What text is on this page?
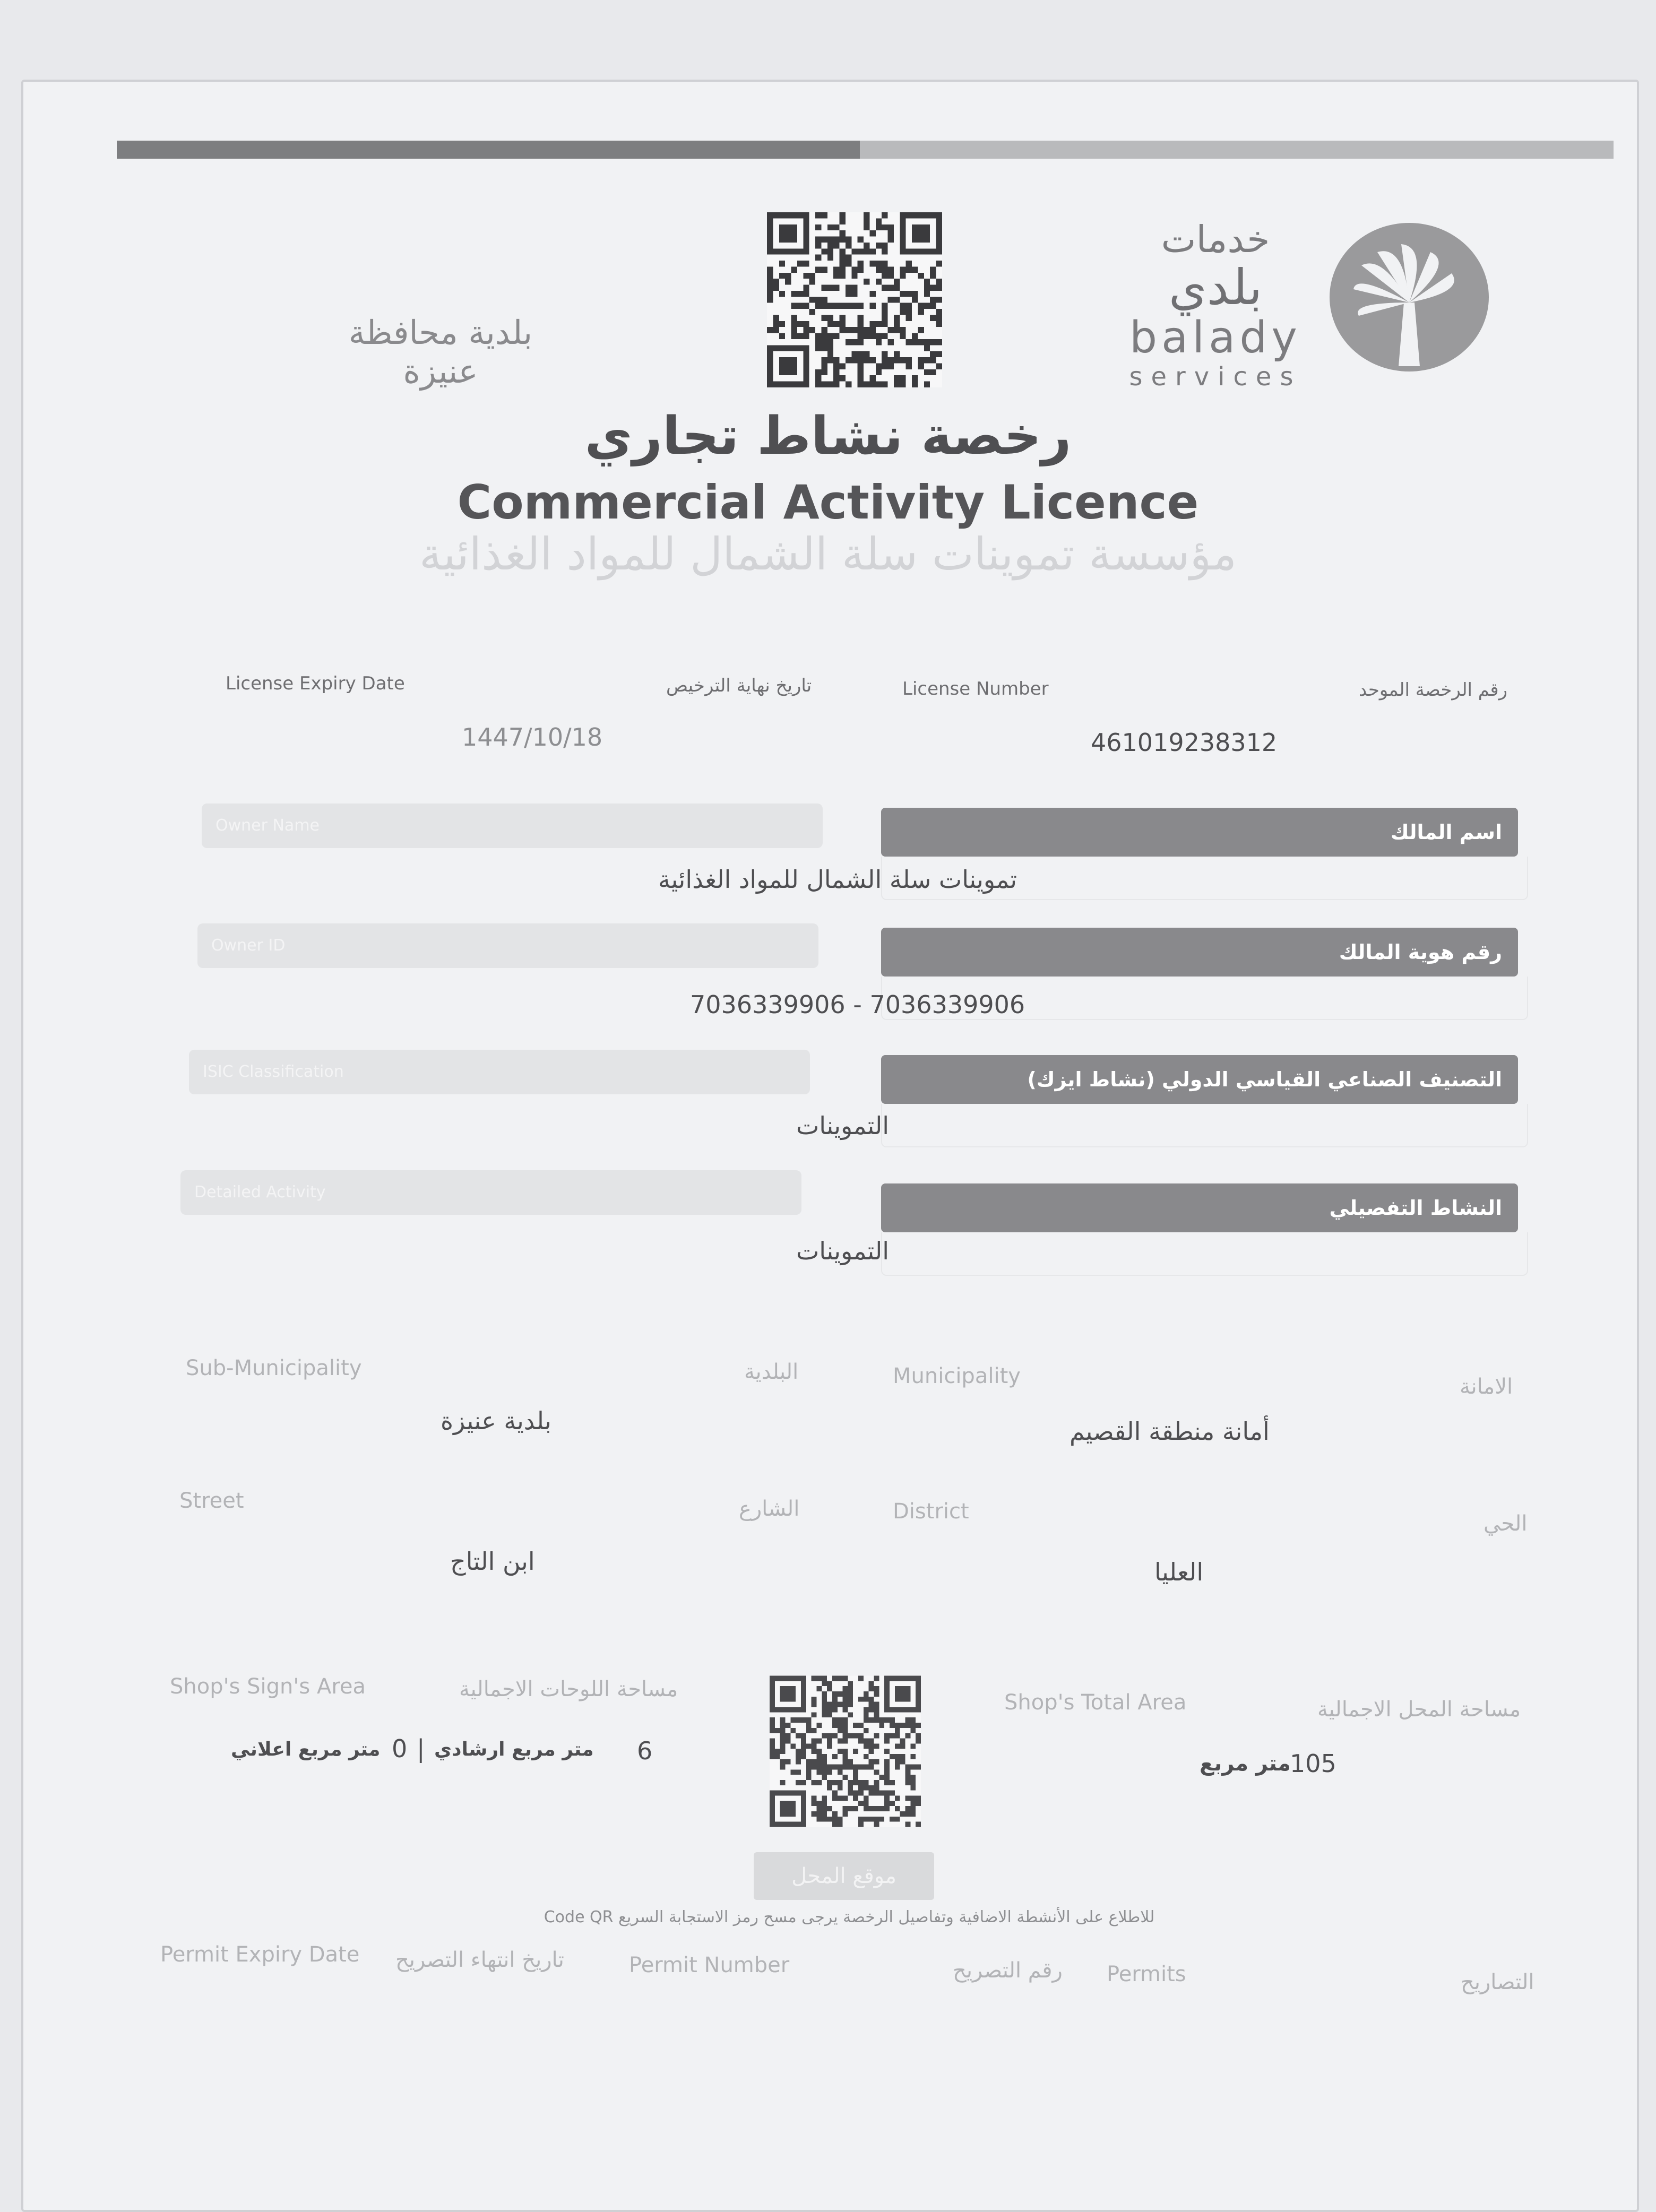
خدمات
بلدي
balady
services
بلدية محافظة عنيزة
رخصة نشاط تجاري
Commercial Activity Licence
مؤسسة تموينات سلة الشمال للمواد الغذائية
رقم الرخصة الموحد
License Number
461019238312
تاريخ نهاية الترخيص
License Expiry Date
1447/10/18
اسم المالك
Owner Name
تموينات سلة الشمال للمواد الغذائية
رقم هوية المالك
Owner ID
7036339906 - 7036339906
التصنيف الصناعي القياسي الدولي (نشاط ايزك)
ISIC Classification
التموينات
النشاط التفصيلي
Detailed Activity
التموينات
الامانة
Municipality
أمانة منطقة القصيم
البلدية
Sub-Municipality
بلدية عنيزة
الحي
District
العليا
الشارع
Street
ابن التاج
مساحة المحل الاجمالية
Shop's Total Area
105
متر مربع
مساحة اللوحات الاجمالية
Shop's Sign's Area
6
متر مربع ارشادي
|
0
متر مربع اعلاني
موقع المحل
للاطلاع على الأنشطة الاضافية وتفاصيل الرخصة يرجى مسح رمز الاستجابة السريع Code QR
التصاريح
Permits
رقم التصريح
Permit Number
تاريخ انتهاء التصريح
Permit Expiry Date
